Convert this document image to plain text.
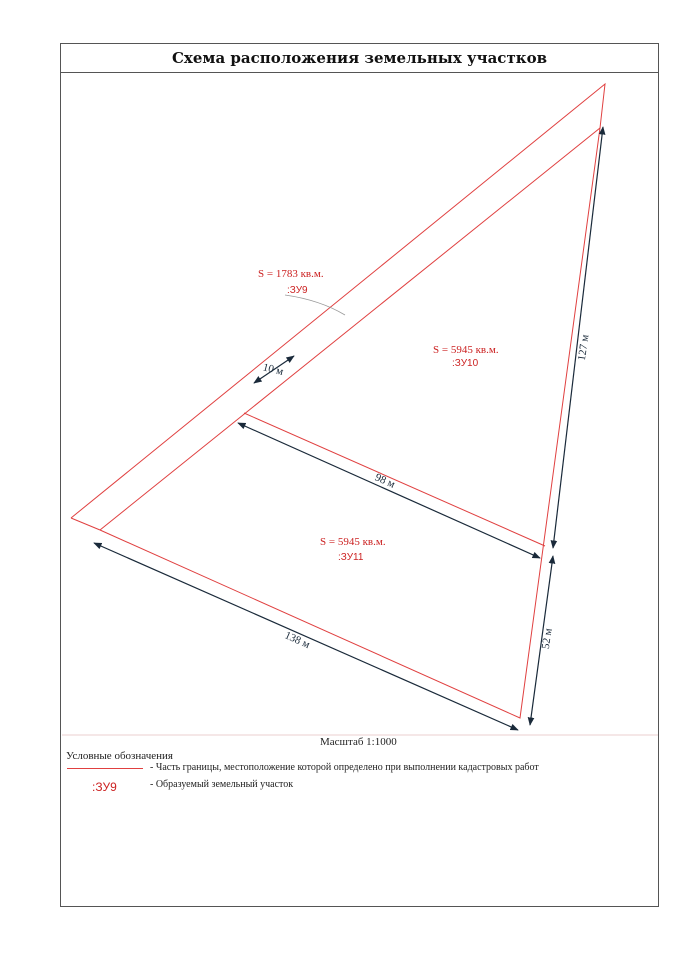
Схема расположения земельных участков
10 м
127 м
98 м
138 м	52 м
S = 1783 кв.м.
:ЗУ9
S = 5945 кв.м.
:ЗУ10
S = 5945 кв.м.
:ЗУ11
Масштаб 1:1000
Условные обозначения
- Часть границы, местоположение которой определено при выполнении кадастровых работ
:ЗУ9	- Образуемый земельный участок
